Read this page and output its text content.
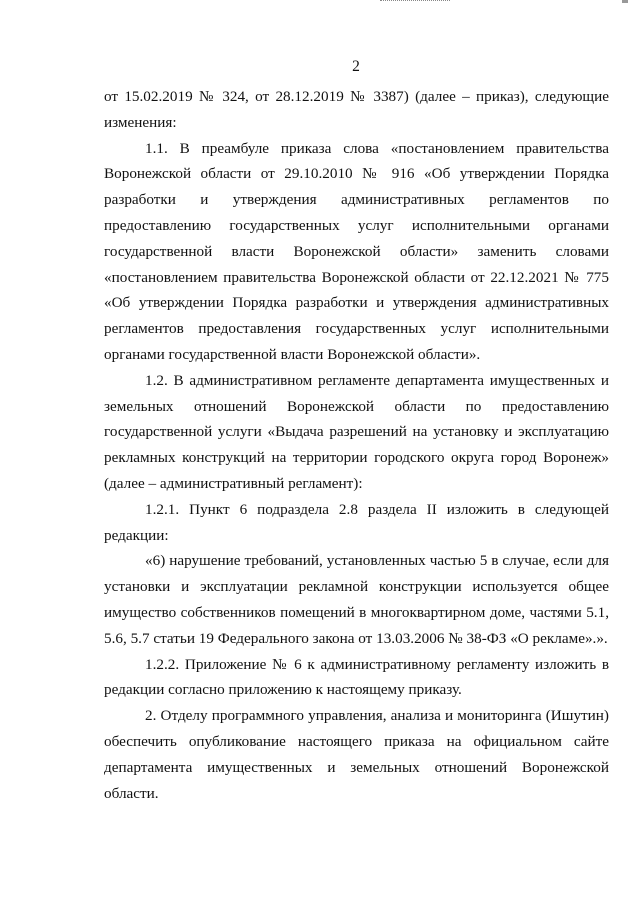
2

от 15.02.2019 № 324, от 28.12.2019 № 3387) (далее – приказ), следующие изменения:

1.1. В преамбуле приказа слова «постановлением правительства Воронежской области от 29.10.2010 № 916 «Об утверждении Порядка разработки и утверждения административных регламентов по предоставлению государственных услуг исполнительными органами государственной власти Воронежской области» заменить словами «постановлением правительства Воронежской области от 22.12.2021 № 775 «Об утверждении Порядка разработки и утверждения административных регламентов предоставления государственных услуг исполнительными органами государственной власти Воронежской области».

1.2. В административном регламенте департамента имущественных и земельных отношений Воронежской области по предоставлению государственной услуги «Выдача разрешений на установку и эксплуатацию рекламных конструкций на территории городского округа город Воронеж» (далее – административный регламент):

1.2.1. Пункт 6 подраздела 2.8 раздела II изложить в следующей редакции:

«6) нарушение требований, установленных частью 5 в случае, если для установки и эксплуатации рекламной конструкции используется общее имущество собственников помещений в многоквартирном доме, частями 5.1, 5.6, 5.7 статьи 19 Федерального закона от 13.03.2006 № 38-ФЗ «О рекламе».».

1.2.2. Приложение № 6 к административному регламенту изложить в редакции согласно приложению к настоящему приказу.

2. Отделу программного управления, анализа и мониторинга (Ишутин) обеспечить опубликование настоящего приказа на официальном сайте департамента имущественных и земельных отношений Воронежской области.
